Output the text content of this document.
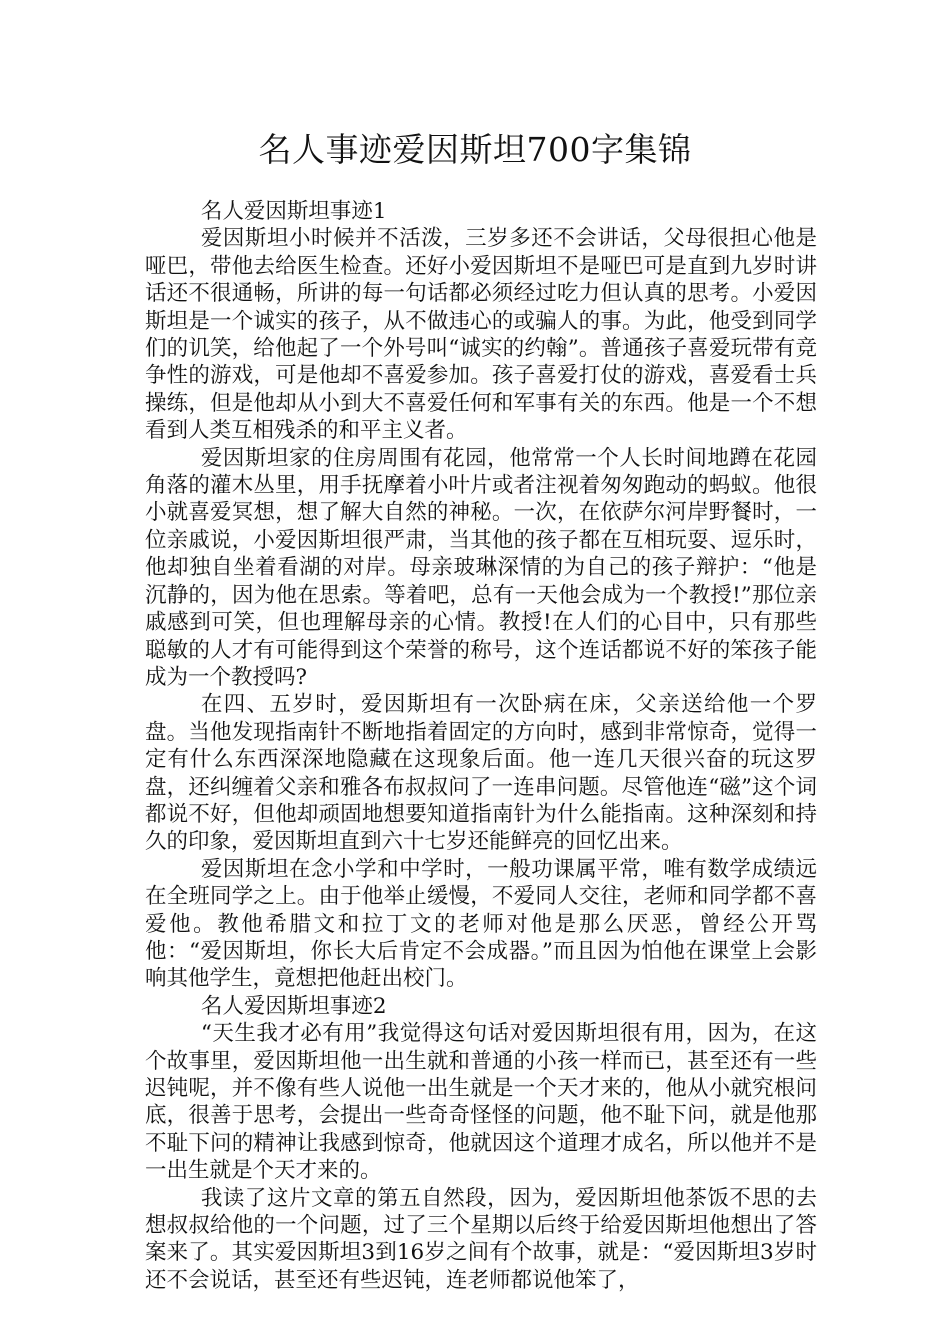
名人事迹爱因斯坦700字集锦

名人爱因斯坦事迹1

爱因斯坦小时候并不活泼，三岁多还不会讲话，父母很担心他是哑巴，带他去给医生检查。还好小爱因斯坦不是哑巴可是直到九岁时讲话还不很通畅，所讲的每一句话都必须经过吃力但认真的思考。小爱因斯坦是一个诚实的孩子，从不做违心的或骗人的事。为此，他受到同学们的讥笑，给他起了一个外号叫“诚实的约翰”。普通孩子喜爱玩带有竞争性的游戏，可是他却不喜爱参加。孩子喜爱打仗的游戏，喜爱看士兵操练，但是他却从小到大不喜爱任何和军事有关的东西。他是一个不想看到人类互相残杀的和平主义者。

爱因斯坦家的住房周围有花园，他常常一个人长时间地蹲在花园角落的灌木丛里，用手抚摩着小叶片或者注视着匆匆跑动的蚂蚁。他很小就喜爱冥想，想了解大自然的神秘。一次，在依萨尔河岸野餐时，一位亲戚说，小爱因斯坦很严肃，当其他的孩子都在互相玩耍、逗乐时，他却独自坐着看湖的对岸。母亲玻琳深情的为自己的孩子辩护：“他是沉静的，因为他在思索。等着吧，总有一天他会成为一个教授!”那位亲戚感到可笑，但也理解母亲的心情。教授!在人们的心目中，只有那些聪敏的人才有可能得到这个荣誉的称号，这个连话都说不好的笨孩子能成为一个教授吗?

在四、五岁时，爱因斯坦有一次卧病在床，父亲送给他一个罗盘。当他发现指南针不断地指着固定的方向时，感到非常惊奇，觉得一定有什么东西深深地隐藏在这现象后面。他一连几天很兴奋的玩这罗盘，还纠缠着父亲和雅各布叔叔问了一连串问题。尽管他连“磁”这个词都说不好，但他却顽固地想要知道指南针为什么能指南。这种深刻和持久的印象，爱因斯坦直到六十七岁还能鲜亮的回忆出来。

爱因斯坦在念小学和中学时，一般功课属平常，唯有数学成绩远在全班同学之上。由于他举止缓慢，不爱同人交往，老师和同学都不喜爱他。教他希腊文和拉丁文的老师对他是那么厌恶，曾经公开骂他：“爱因斯坦，你长大后肯定不会成器。”而且因为怕他在课堂上会影响其他学生，竟想把他赶出校门。

名人爱因斯坦事迹2

“天生我才必有用”我觉得这句话对爱因斯坦很有用，因为，在这个故事里，爱因斯坦他一出生就和普通的小孩一样而已，甚至还有一些迟钝呢，并不像有些人说他一出生就是一个天才来的，他从小就究根问底，很善于思考，会提出一些奇奇怪怪的问题，他不耻下问，就是他那不耻下问的精神让我感到惊奇，他就因这个道理才成名，所以他并不是一出生就是个天才来的。

我读了这片文章的第五自然段，因为，爱因斯坦他茶饭不思的去想叔叔给他的一个问题，过了三个星期以后终于给爱因斯坦他想出了答案来了。其实爱因斯坦3到16岁之间有个故事，就是：“爱因斯坦3岁时还不会说话，甚至还有些迟钝，连老师都说他笨了，
